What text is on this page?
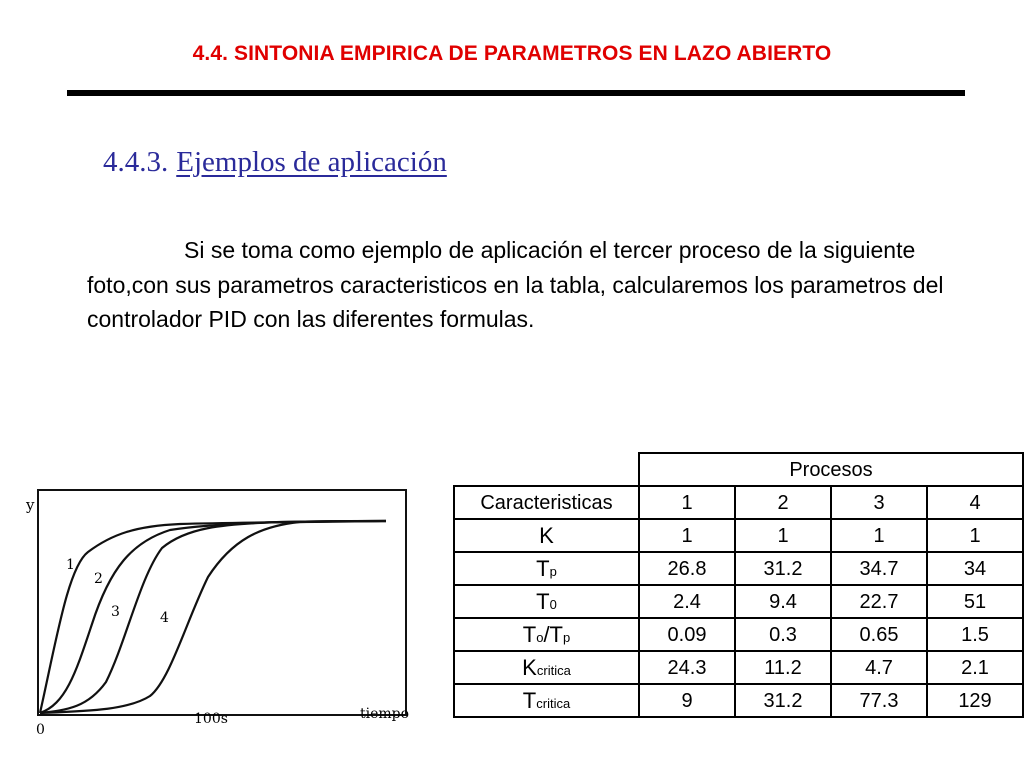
4.4. SINTONIA EMPIRICA DE PARAMETROS EN LAZO ABIERTO
4.4.3. Ejemplos de aplicación
Si se toma como ejemplo de aplicación el tercer proceso de la siguiente foto,con sus parametros caracteristicos en la tabla, calcularemos los parametros del controlador PID con las diferentes formulas.
y
0
100s	tiempo
1
2
3	4
	Procesos			
Caracteristicas	1	2	3	4
K	1	1	1	1
Tp	26.8	31.2	34.7	34
T0	2.4	9.4	22.7	51
To/Tp	0.09	0.3	0.65	1.5
Kcritica	24.3	11.2	4.7	2.1
Tcritica	9	31.2	77.3	129
